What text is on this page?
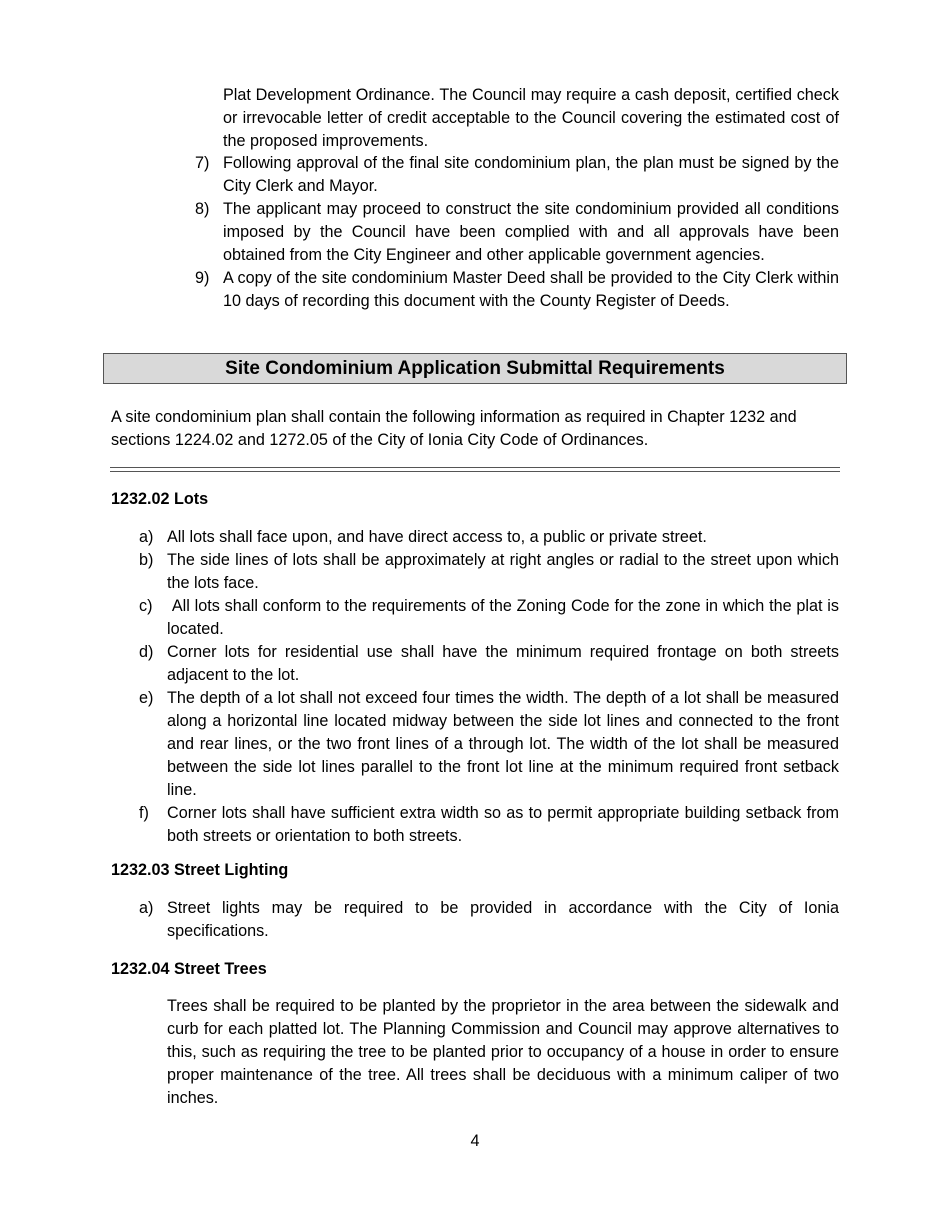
Plat Development Ordinance. The Council may require a cash deposit, certified check or irrevocable letter of credit acceptable to the Council covering the estimated cost of the proposed improvements.

7) Following approval of the final site condominium plan, the plan must be signed by the City Clerk and Mayor.

8) The applicant may proceed to construct the site condominium provided all conditions imposed by the Council have been complied with and all approvals have been obtained from the City Engineer and other applicable government agencies.

9) A copy of the site condominium Master Deed shall be provided to the City Clerk within 10 days of recording this document with the County Register of Deeds.

Site Condominium Application Submittal Requirements

A site condominium plan shall contain the following information as required in Chapter 1232 and sections 1224.02 and 1272.05 of the City of Ionia City Code of Ordinances.

1232.02 Lots
a) All lots shall face upon, and have direct access to, a public or private street.

b) The side lines of lots shall be approximately at right angles or radial to the street upon which the lots face.

c) All lots shall conform to the requirements of the Zoning Code for the zone in which the plat is located.

d) Corner lots for residential use shall have the minimum required frontage on both streets adjacent to the lot.

e) The depth of a lot shall not exceed four times the width. The depth of a lot shall be measured along a horizontal line located midway between the side lot lines and connected to the front and rear lines, or the two front lines of a through lot. The width of the lot shall be measured between the side lot lines parallel to the front lot line at the minimum required front setback line.

f) Corner lots shall have sufficient extra width so as to permit appropriate building setback from both streets or orientation to both streets.

1232.03 Street Lighting
a) Street lights may be required to be provided in accordance with the City of Ionia specifications.

1232.04 Street Trees

Trees shall be required to be planted by the proprietor in the area between the sidewalk and curb for each platted lot. The Planning Commission and Council may approve alternatives to this, such as requiring the tree to be planted prior to occupancy of a house in order to ensure proper maintenance of the tree. All trees shall be deciduous with a minimum caliper of two inches.

4
